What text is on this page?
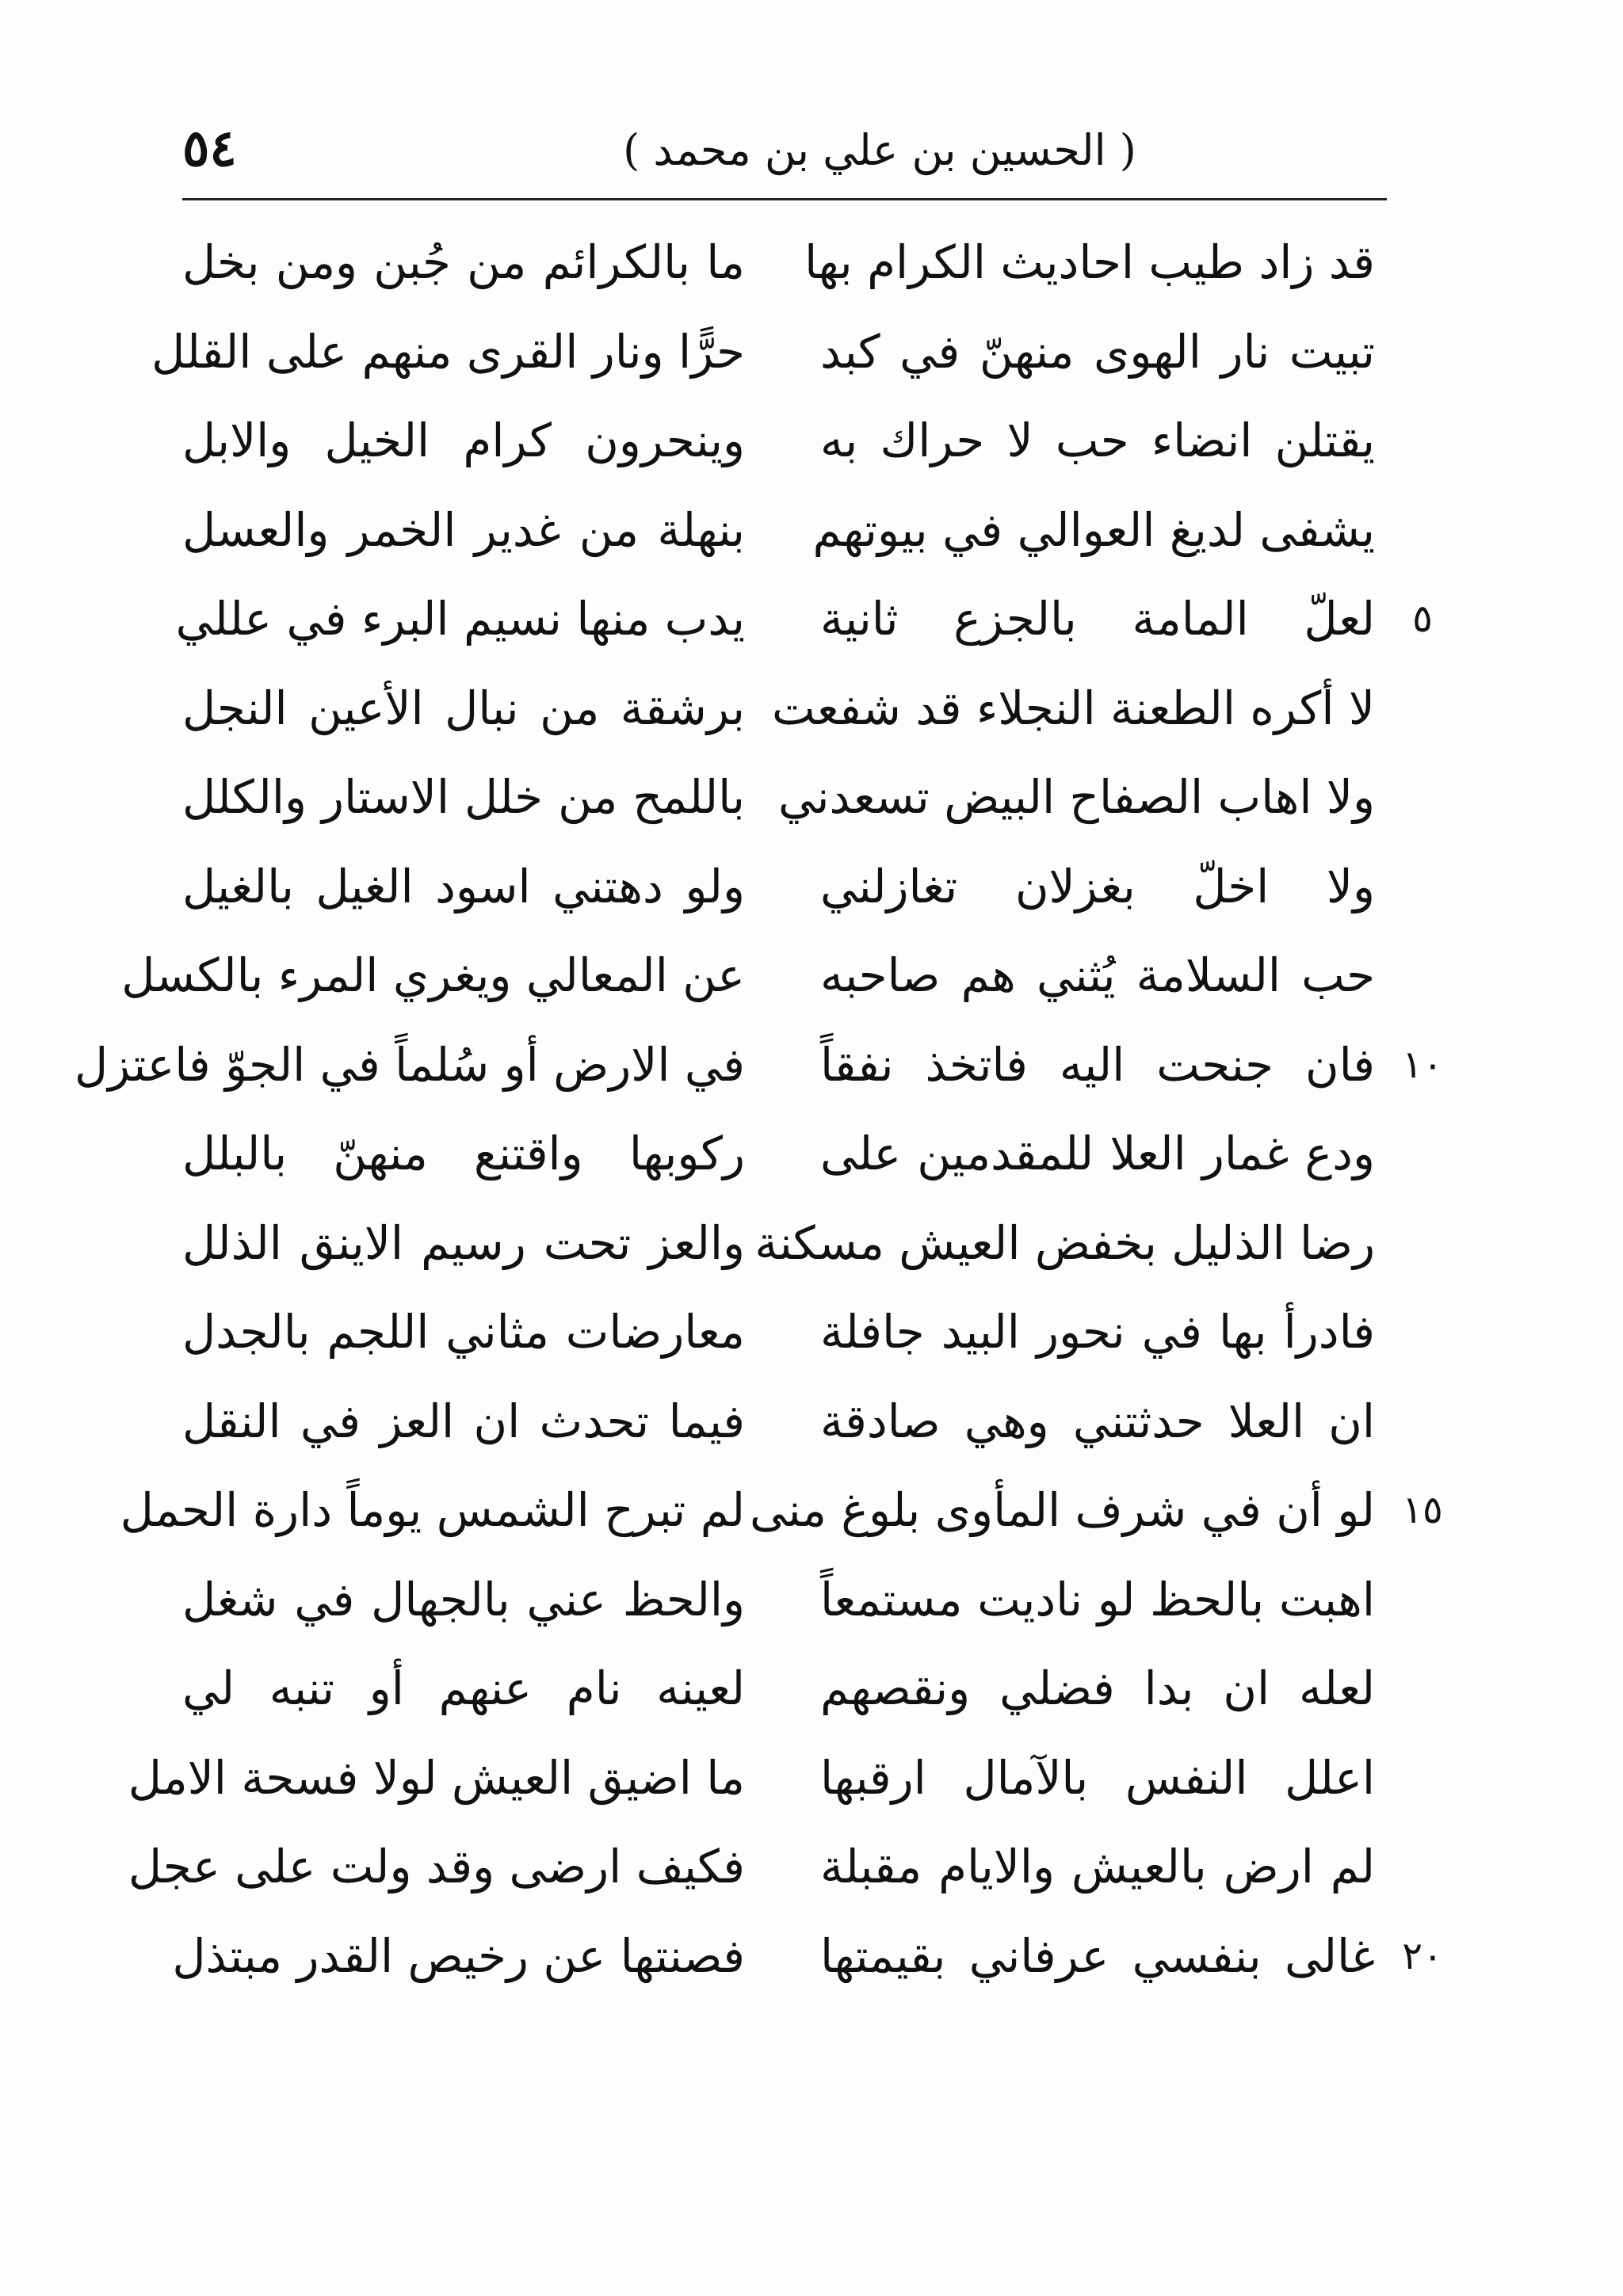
٥٤	( الحسين بن علي بن محمد )
قد زاد طيب احاديث الكرام بها
ما بالكرائم من جُبن ومن بخل
تبيت نار الهوى منهنّ في كبد
حرًّا ونار القرى منهم على القلل
يقتلن انضاء حب لا حراك به
وينحرون كرام الخيل والابل
يشفى لديغ العوالي في بيوتهم
بنهلة من غدير الخمر والعسل
٥
لعلّ المامة بالجزع ثانية
يدب منها نسيم البرء في عللي
لا أكره الطعنة النجلاء قد شفعت
برشقة من نبال الأعين النجل
ولا اهاب الصفاح البيض تسعدني
باللمح من خلل الاستار والكلل
ولا اخلّ بغزلان تغازلني
ولو دهتني اسود الغيل بالغيل
حب السلامة يُثني هم صاحبه
عن المعالي ويغري المرء بالكسل
١٠
فان جنحت اليه فاتخذ نفقاً
في الارض أو سُلماً في الجوّ فاعتزل
ودع غمار العلا للمقدمين على
ركوبها واقتنع منهنّ بالبلل
رضا الذليل بخفض العيش مسكنة
والعز تحت رسيم الاينق الذلل
فادرأ بها في نحور البيد جافلة
معارضات مثاني اللجم بالجدل
ان العلا حدثتني وهي صادقة
فيما تحدث ان العز في النقل
١٥
لو أن في شرف المأوى بلوغ منى
لم تبرح الشمس يوماً دارة الحمل
اهبت بالحظ لو ناديت مستمعاً
والحظ عني بالجهال في شغل
لعله ان بدا فضلي ونقصهم
لعينه نام عنهم أو تنبه لي
اعلل النفس بالآمال ارقبها
ما اضيق العيش لولا فسحة الامل
لم ارض بالعيش والايام مقبلة
فكيف ارضى وقد ولت على عجل
٢٠
غالى بنفسي عرفاني بقيمتها
فصنتها عن رخيص القدر مبتذل
